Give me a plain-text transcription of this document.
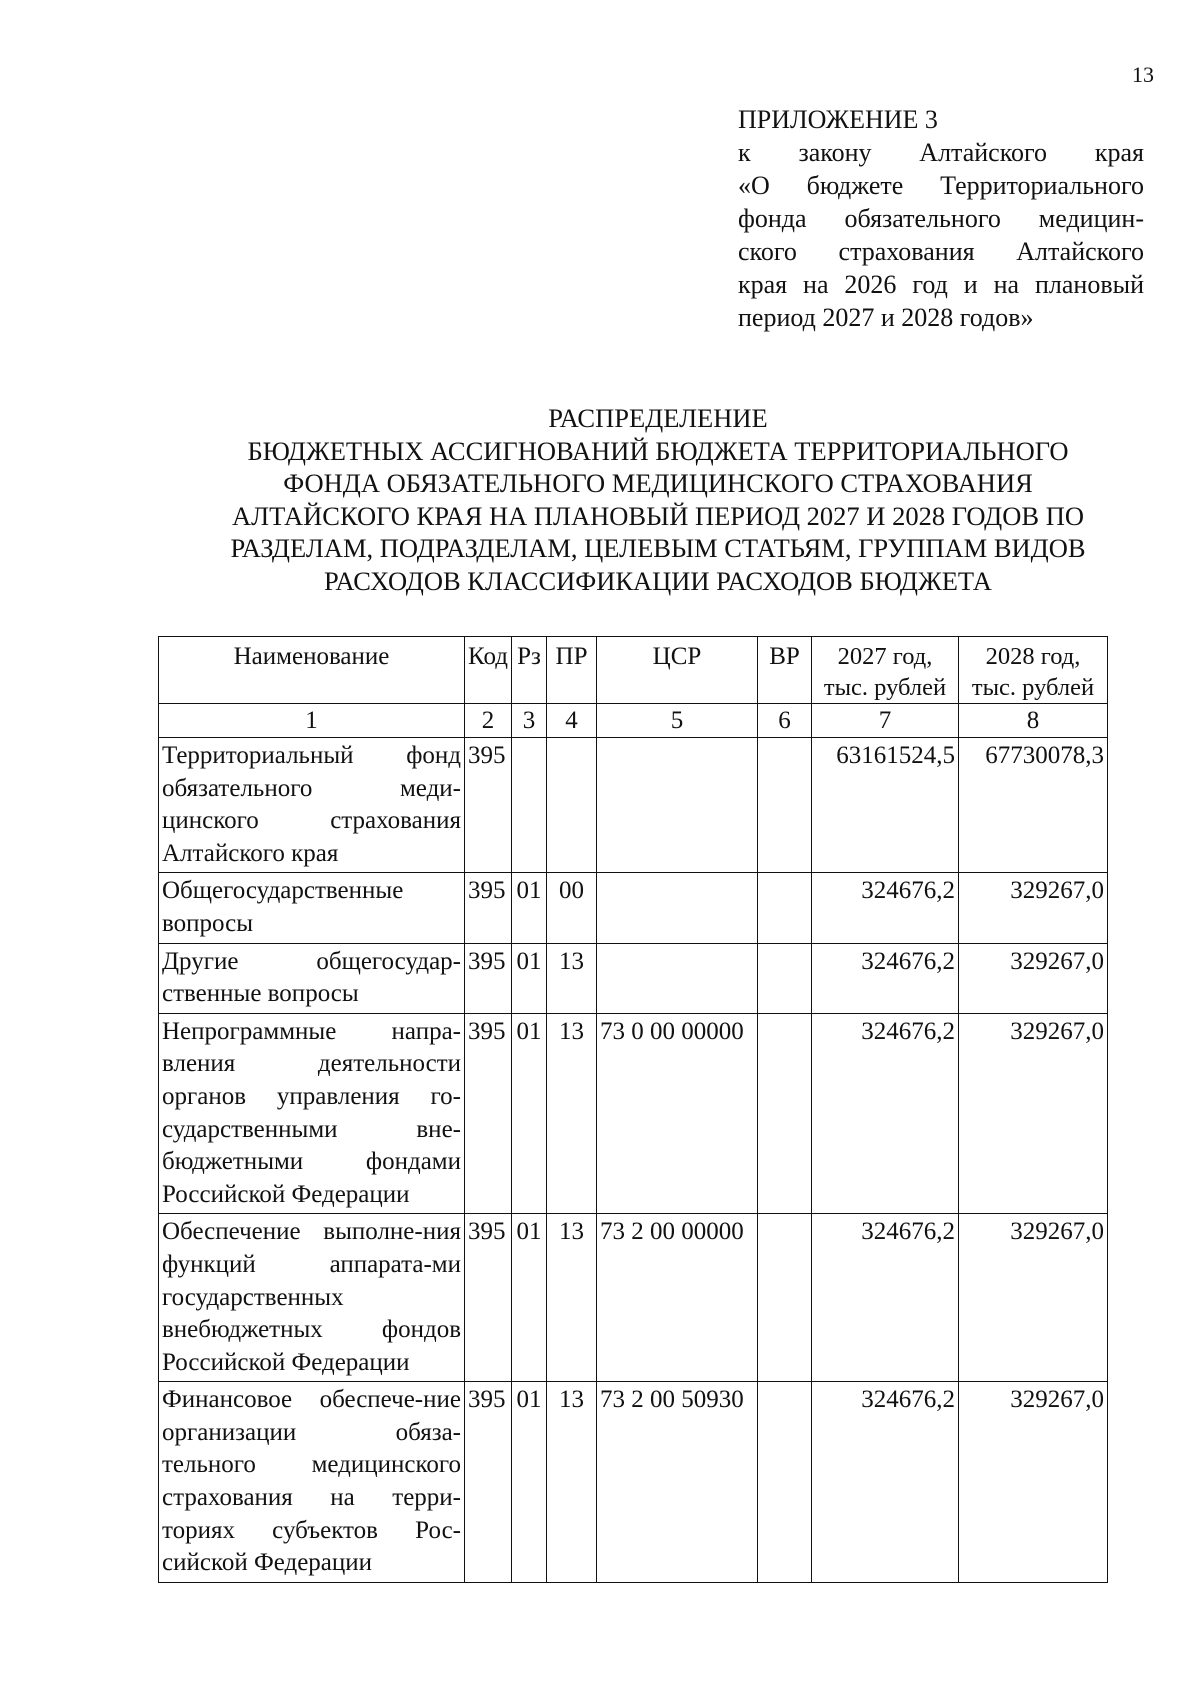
13
ПРИЛОЖЕНИЕ 3
к закону Алтайского края
«О бюджете Территориального
фонда обязательного медицин-
ского страхования Алтайского
края на 2026 год и на плановый
период 2027 и 2028 годов»
РАСПРЕДЕЛЕНИЕ
БЮДЖЕТНЫХ АССИГНОВАНИЙ БЮДЖЕТА ТЕРРИТОРИАЛЬНОГО
ФОНДА ОБЯЗАТЕЛЬНОГО МЕДИЦИНСКОГО СТРАХОВАНИЯ
АЛТАЙСКОГО КРАЯ НА ПЛАНОВЫЙ ПЕРИОД 2027 И 2028 ГОДОВ ПО
РАЗДЕЛАМ, ПОДРАЗДЕЛАМ, ЦЕЛЕВЫМ СТАТЬЯМ, ГРУППАМ ВИДОВ
РАСХОДОВ КЛАССИФИКАЦИИ РАСХОДОВ БЮДЖЕТА
Наименование	Код	Рз	ПР	ЦСР	ВР	2027 год, тыс. рублей	2028 год, тыс. рублей
1	2	3	4	5	6	7	8
Территориальный фонд обязательного меди-цинского страхования Алтайского края	395					63161524,5	67730078,3
Общегосударственные вопросы	395	01	00			324676,2	329267,0
Другие общегосудар-ственные вопросы	395	01	13			324676,2	329267,0
Непрограммные напра-вления деятельности органов управления го-сударственными вне-бюджетными фондами Российской Федерации	395	01	13	73 0 00 00000		324676,2	329267,0
Обеспечение выполне-ния функций аппарата-ми государственных внебюджетных фондов Российской Федерации	395	01	13	73 2 00 00000		324676,2	329267,0
Финансовое обеспече-ние организации обяза-тельного медицинского страхования на терри-ториях субъектов Рос-сийской Федерации	395	01	13	73 2 00 50930		324676,2	329267,0
